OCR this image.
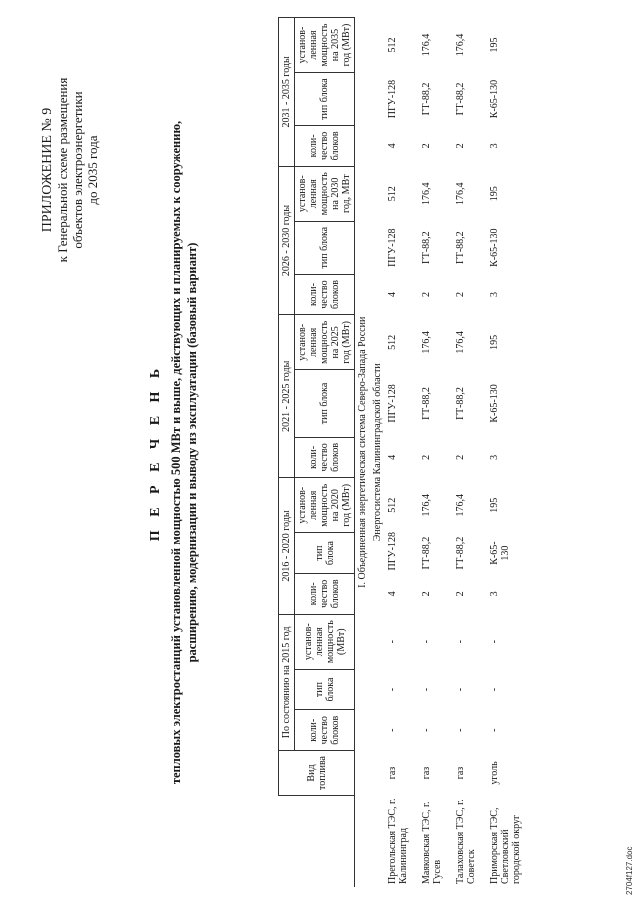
ПРИЛОЖЕНИЕ № 9 к Генеральной схеме размещения объектов электроэнергетики до 2035 года
П Е Р Е Ч Е Н Ь тепловых электростанций установленной мощностью 500 МВт и выше, действующих и планируемых к сооружению, расширению, модернизации и выводу из эксплуатации (базовый вариант)
	Вид топлива	По состоянию на 2015 год			2016 - 2020 годы			2021 - 2025 годы			2026 - 2030 годы			2031 - 2035 годы		
		коли-чество блоков	тип блока	установ-ленная мощность (МВт)	коли-чество блоков	тип блока	установ-ленная мощность на 2020 год (МВт)	коли-чество блоков	тип блока	установ-ленная мощность на 2025 год (МВт)	коли-чество блоков	тип блока	установ-ленная мощность на 2030 год, МВт	коли-чество блоков	тип блока	установ-ленная мощность на 2035 год (МВт)
I. Объединенная энергетическая система Северо-Запада России																
Энергосистема Калининградской области																
Прегольская ТЭС, г. Калининград	газ	-	-	-	4	ПГУ-128	512	4	ПГУ-128	512	4	ПГУ-128	512	4	ПГУ-128	512
Маяковская ТЭС, г. Гусев	газ	-	-	-	2	ГТ-88,2	176,4	2	ГТ-88,2	176,4	2	ГТ-88,2	176,4	2	ГТ-88,2	176,4
Талаховская ТЭС, г. Советск	газ	-	-	-	2	ГТ-88,2	176,4	2	ГТ-88,2	176,4	2	ГТ-88,2	176,4	2	ГТ-88,2	176,4
Приморская ТЭС, Светловский городской округ	уголь	-	-	-	3	К-65-130	195	3	К-65-130	195	3	К-65-130	195	3	К-65-130	195
2704f127.doc
